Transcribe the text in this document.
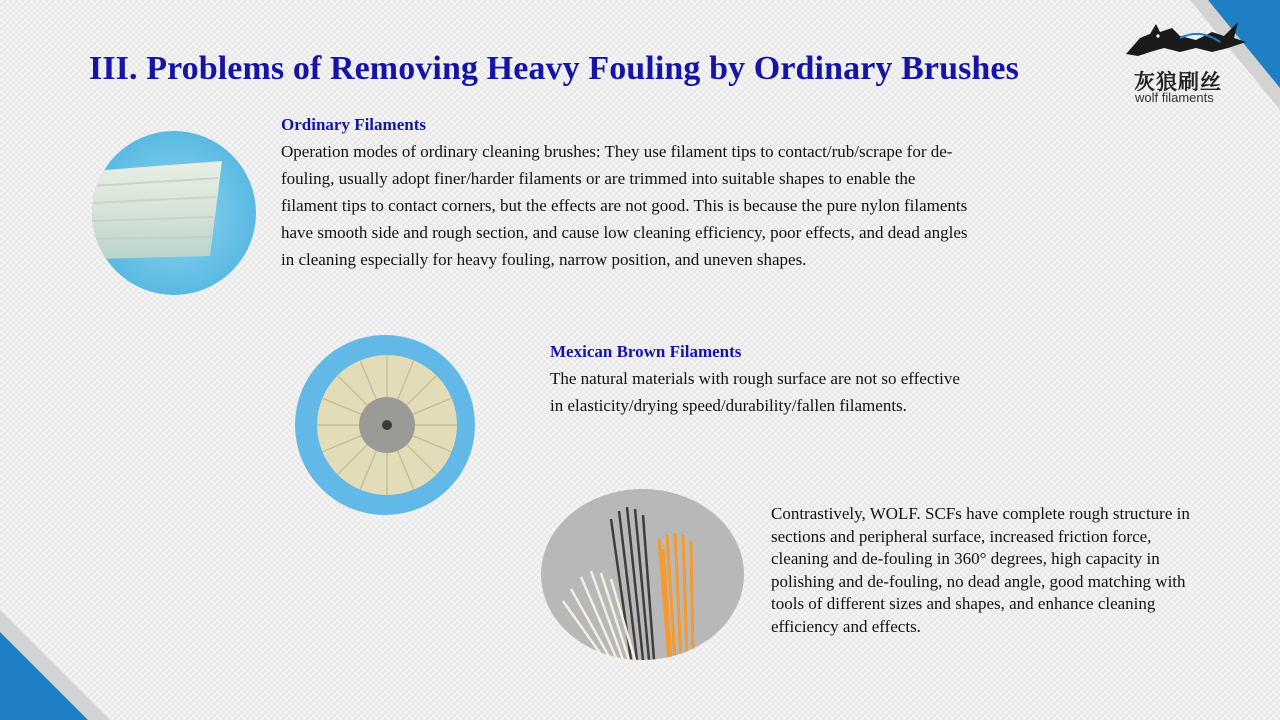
III. Problems of Removing Heavy Fouling by Ordinary Brushes	灰狼刷丝
wolf filaments
Ordinary Filaments

Operation modes of ordinary cleaning brushes: They use filament tips to contact/rub/scrape for de-fouling, usually adopt finer/harder filaments or are trimmed into suitable shapes to enable the filament tips to contact corners, but the effects are not good. This is because the pure nylon filaments have smooth side and rough section, and cause low cleaning efficiency, poor effects, and dead angles in cleaning especially for heavy fouling, narrow position, and uneven shapes.

Mexican Brown Filaments

The natural materials with rough surface are not so effective in elasticity/drying speed/durability/fallen filaments.

Contrastively, WOLF. SCFs have complete rough structure in sections and peripheral surface, increased friction force, cleaning and de-fouling in 360° degrees, high capacity in polishing and de-fouling, no dead angle, good matching with tools of different sizes and shapes, and enhance cleaning efficiency and effects.
